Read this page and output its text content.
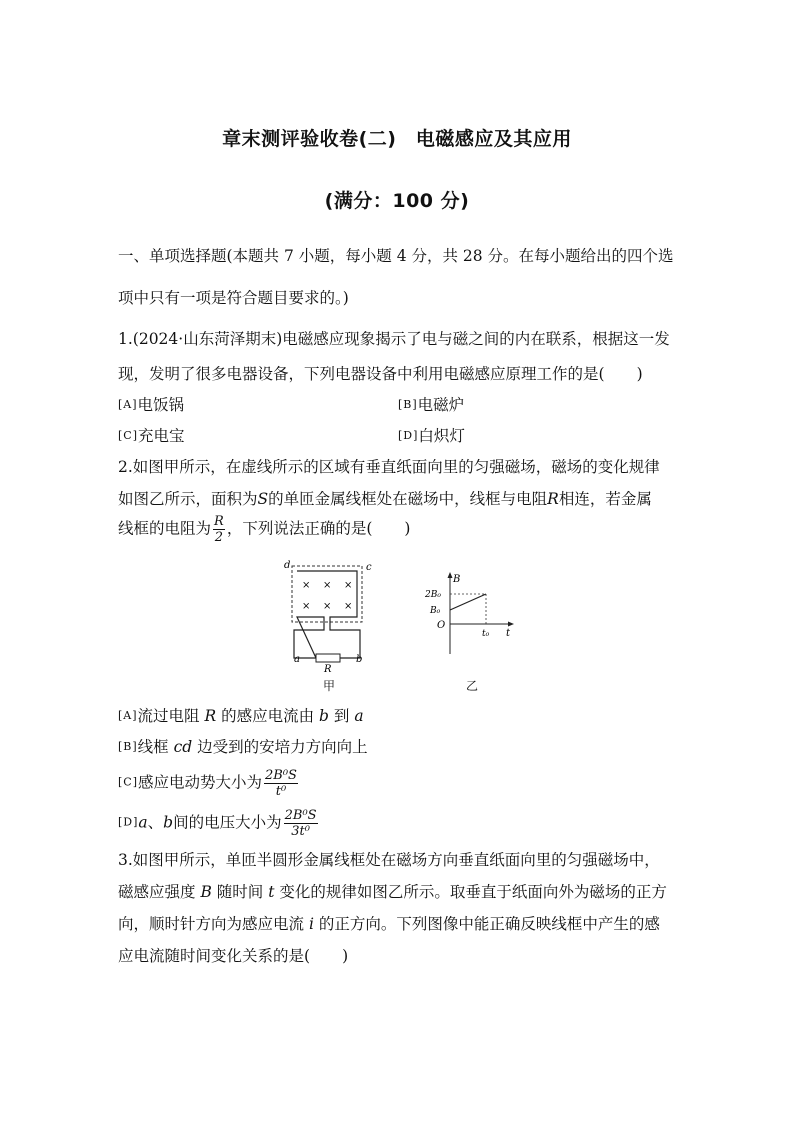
章末测评验收卷(二)　电磁感应及其应用
(满分：100 分)
一、单项选择题(本题共 7 小题，每小题 4 分，共 28 分。在每小题给出的四个选
项中只有一项是符合题目要求的。)
1.(2024·山东菏泽期末)电磁感应现象揭示了电与磁之间的内在联系，根据这一发
现，发明了很多电器设备，下列电器设备中利用电磁感应原理工作的是( )
[A]电饭锅	[B]电磁炉
[C]充电宝	[D]白炽灯
2.如图甲所示，在虚线所示的区域有垂直纸面向里的匀强磁场，磁场的变化规律
如图乙所示，面积为S的单匝金属线框处在磁场中，线框与电阻R相连，若金属
线框的电阻为 $\frac{R}{2}$ ，下列说法正确的是( )
d	c
a	b
R
× × ×
× × ×
甲
B
2B₀
B₀
O
t₀ t
乙
[A]流过电阻 R 的感应电流由 b 到 a
[B]线框 cd 边受到的安培力方向向上
[C]感应电动势大小为 $\frac{\text{2B⁰S}}{\text{t⁰}}$
[D]a、b间的电压大小为 $\frac{\text{2B⁰S}}{\text{3t⁰}}$
3.如图甲所示，单匝半圆形金属线框处在磁场方向垂直纸面向里的匀强磁场中，
磁感应强度 B 随时间 t 变化的规律如图乙所示。取垂直于纸面向外为磁场的正方
向，顺时针方向为感应电流 i 的正方向。下列图像中能正确反映线框中产生的感
应电流随时间变化关系的是( )
